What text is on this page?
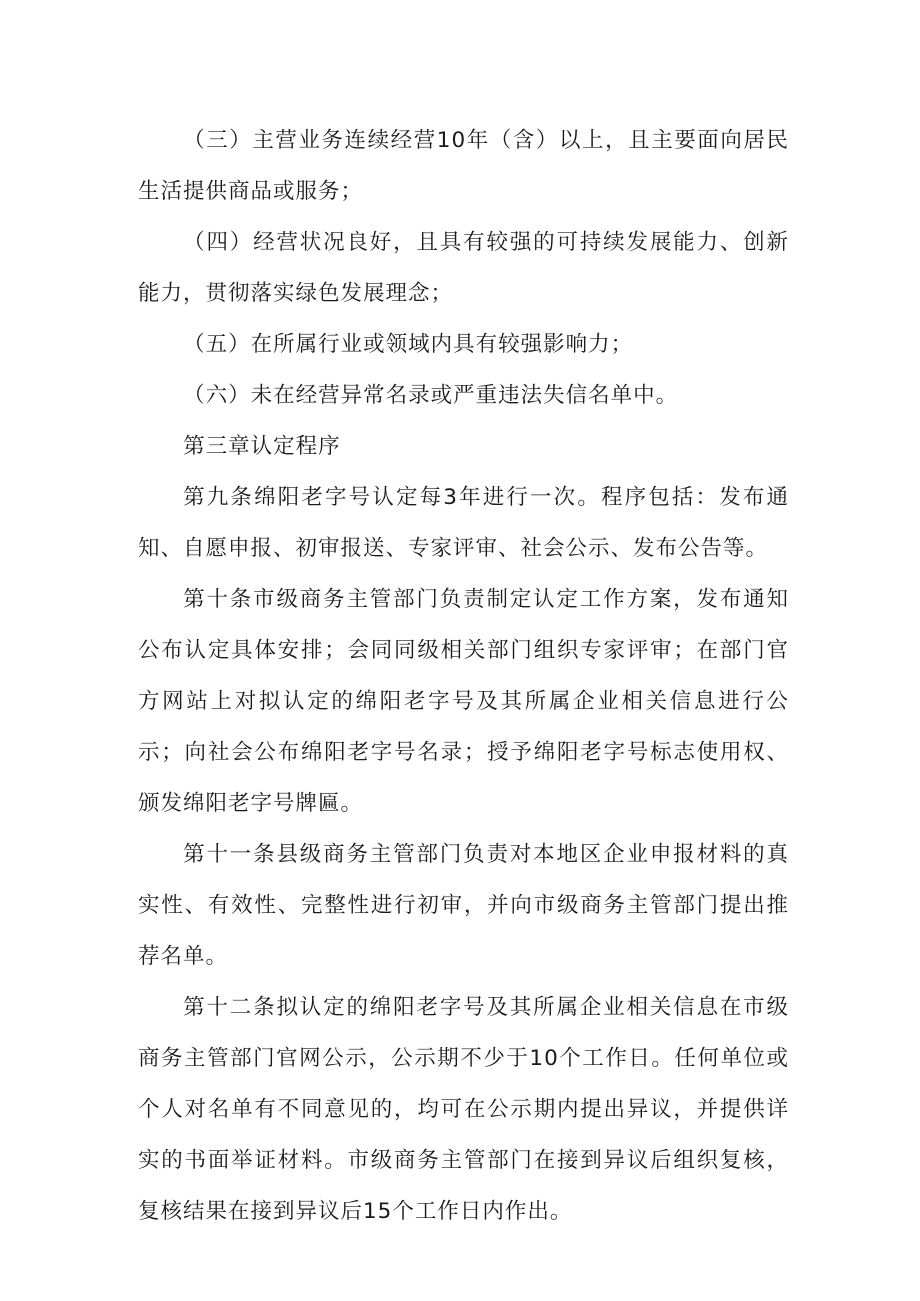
（三）主营业务连续经营10年（含）以上，且主要面向居民生活提供商品或服务；

（四）经营状况良好，且具有较强的可持续发展能力、创新能力，贯彻落实绿色发展理念；

（五）在所属行业或领域内具有较强影响力；

（六）未在经营异常名录或严重违法失信名单中。

第三章认定程序

第九条绵阳老字号认定每3年进行一次。程序包括：发布通知、自愿申报、初审报送、专家评审、社会公示、发布公告等。

第十条市级商务主管部门负责制定认定工作方案，发布通知公布认定具体安排；会同同级相关部门组织专家评审；在部门官方网站上对拟认定的绵阳老字号及其所属企业相关信息进行公示；向社会公布绵阳老字号名录；授予绵阳老字号标志使用权、颁发绵阳老字号牌匾。

第十一条县级商务主管部门负责对本地区企业申报材料的真实性、有效性、完整性进行初审，并向市级商务主管部门提出推荐名单。

第十二条拟认定的绵阳老字号及其所属企业相关信息在市级商务主管部门官网公示，公示期不少于10个工作日。任何单位或个人对名单有不同意见的，均可在公示期内提出异议，并提供详实的书面举证材料。市级商务主管部门在接到异议后组织复核，复核结果在接到异议后15个工作日内作出。
